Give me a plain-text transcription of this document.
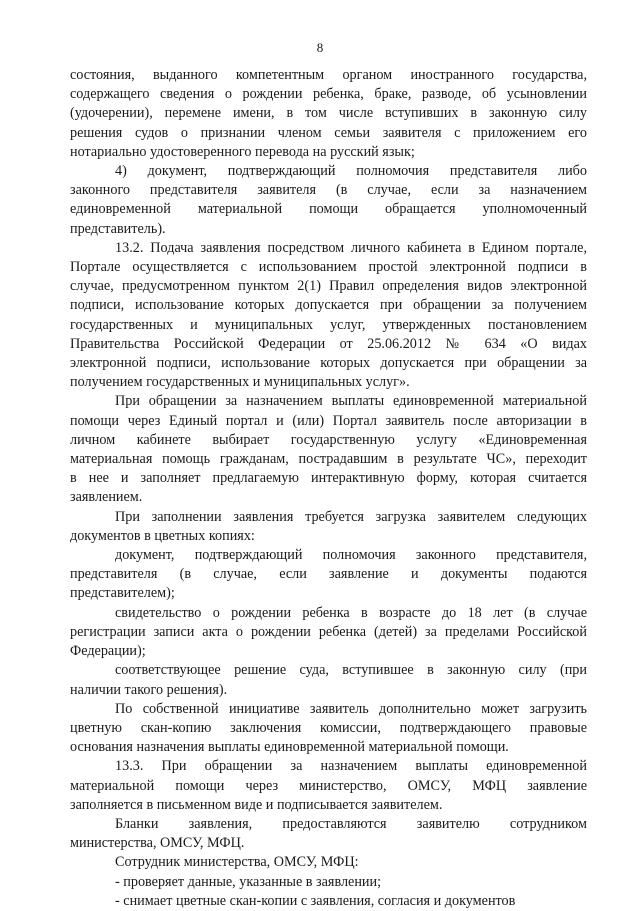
8
состояния, выданного компетентным органом иностранного государства,
содержащего сведения о рождении ребенка, браке, разводе, об усыновлении
(удочерении), перемене имени, в том числе вступивших в законную силу
решения судов о признании членом семьи заявителя с приложением его
нотариально удостоверенного перевода на русский язык;
4) документ, подтверждающий полномочия представителя либо
законного представителя заявителя (в случае, если за назначением
единовременной материальной помощи обращается уполномоченный
представитель).
13.2. Подача заявления посредством личного кабинета в Едином портале,
Портале осуществляется с использованием простой электронной подписи в
случае, предусмотренном пунктом 2(1) Правил определения видов электронной
подписи, использование которых допускается при обращении за получением
государственных и муниципальных услуг, утвержденных постановлением
Правительства Российской Федерации от 25.06.2012 № 634 «О видах
электронной подписи, использование которых допускается при обращении за
получением государственных и муниципальных услуг».
При обращении за назначением выплаты единовременной материальной
помощи через Единый портал и (или) Портал заявитель после авторизации в
личном кабинете выбирает государственную услугу «Единовременная
материальная помощь гражданам, пострадавшим в результате ЧС», переходит
в нее и заполняет предлагаемую интерактивную форму, которая считается
заявлением.
При заполнении заявления требуется загрузка заявителем следующих
документов в цветных копиях:
документ, подтверждающий полномочия законного представителя,
представителя (в случае, если заявление и документы подаются
представителем);
свидетельство о рождении ребенка в возрасте до 18 лет (в случае
регистрации записи акта о рождении ребенка (детей) за пределами Российской
Федерации);
соответствующее решение суда, вступившее в законную силу (при
наличии такого решения).
По собственной инициативе заявитель дополнительно может загрузить
цветную скан-копию заключения комиссии, подтверждающего правовые
основания назначения выплаты единовременной материальной помощи.
13.3. При обращении за назначением выплаты единовременной
материальной помощи через министерство, ОМСУ, МФЦ заявление
заполняется в письменном виде и подписывается заявителем.
Бланки заявления, предоставляются заявителю сотрудником
министерства, ОМСУ, МФЦ.
Сотрудник министерства, ОМСУ, МФЦ:
- проверяет данные, указанные в заявлении;
- снимает цветные скан-копии с заявления, согласия и документов
